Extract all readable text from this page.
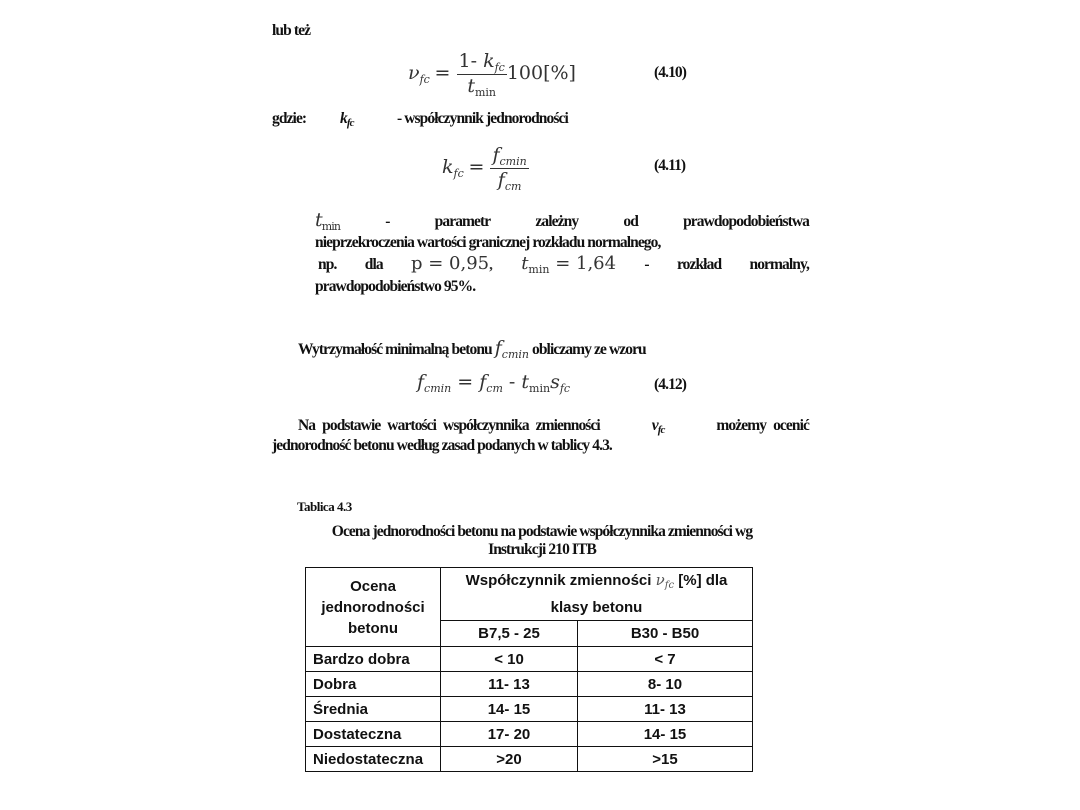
lub też
$\nu_{fc} = \frac{1- k_{fc}}{t_{min}} 100[\%]$	(4.10)
gdzie: kfc	- współczynnik jednorodności
$k_{fc} = \frac{f_{cmin}}{f_{cm}}$	(4.11)
$t_{min}$	-	parametr	zależny	od	prawdopodobieństwa
nieprzekroczenia wartości granicznej rozkładu normalnego,
np. dla p = 0,95, $t_{min} = 1,64$ - rozkład normalny,
prawdopodobieństwo 95%.
Wytrzymałość minimalną betonu $f_{cmin}$ obliczamy ze wzoru
$f_{cmin} = f_{cm} - t_{min}s_{fc}$	(4.12)
Na podstawie wartości współczynnika zmienności	νfc	możemy ocenić
jednorodność betonu według zasad podanych w tablicy 4.3.
Tablica 4.3
Ocena jednorodności betonu na podstawie współczynnika zmienności wg
Instrukcji 210 ITB
Ocena jednorodności betonu	Współczynnik zmienności $\nu_{fc}$ [%] dla klasy betonu	
	B7,5 - 25	B30 - B50
Bardzo dobra	< 10	< 7
Dobra	11- 13	8- 10
Średnia	14- 15	11- 13
Dostateczna	17- 20	14- 15
Niedostateczna	>20	>15
